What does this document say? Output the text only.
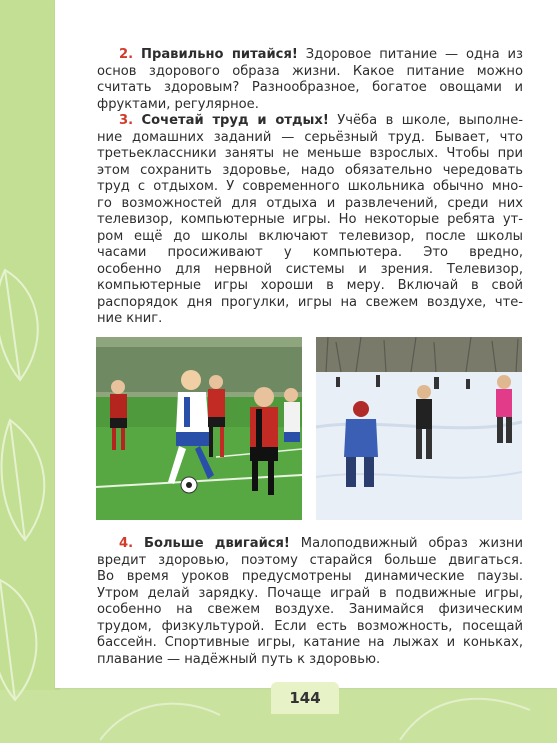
2. Правильно питайся! Здоровое питание — одна из
основ здорового образа жизни. Какое питание можно
считать здоровым? Разнообразное, богатое овощами и
фруктами, регулярное.
3. Сочетай труд и отдых! Учёба в школе, выполне-
ние домашних заданий — серьёзный труд. Бывает, что
третьеклассники заняты не меньше взрослых. Чтобы при
этом сохранить здоровье, надо обязательно чередовать
труд с отдыхом. У современного школьника обычно мно-
го возможностей для отдыха и развлечений, среди них
телевизор, компьютерные игры. Но некоторые ребята ут-
ром ещё до школы включают телевизор, после школы
часами просиживают у компьютера. Это вредно,
особенно для нервной системы и зрения. Телевизор,
компьютерные игры хороши в меру. Включай в свой
распорядок дня прогулки, игры на свежем воздухе, чте-
ние книг.
4. Больше двигайся! Малоподвижный образ жизни
вредит здоровью, поэтому старайся больше двигаться.
Во время уроков предусмотрены динамические паузы.
Утром делай зарядку. Почаще играй в подвижные игры,
особенно на свежем воздухе. Занимайся физическим
трудом, физкультурой. Если есть возможность, посещай
бассейн. Спортивные игры, катание на лыжах и коньках,
плавание — надёжный путь к здоровью.
144
